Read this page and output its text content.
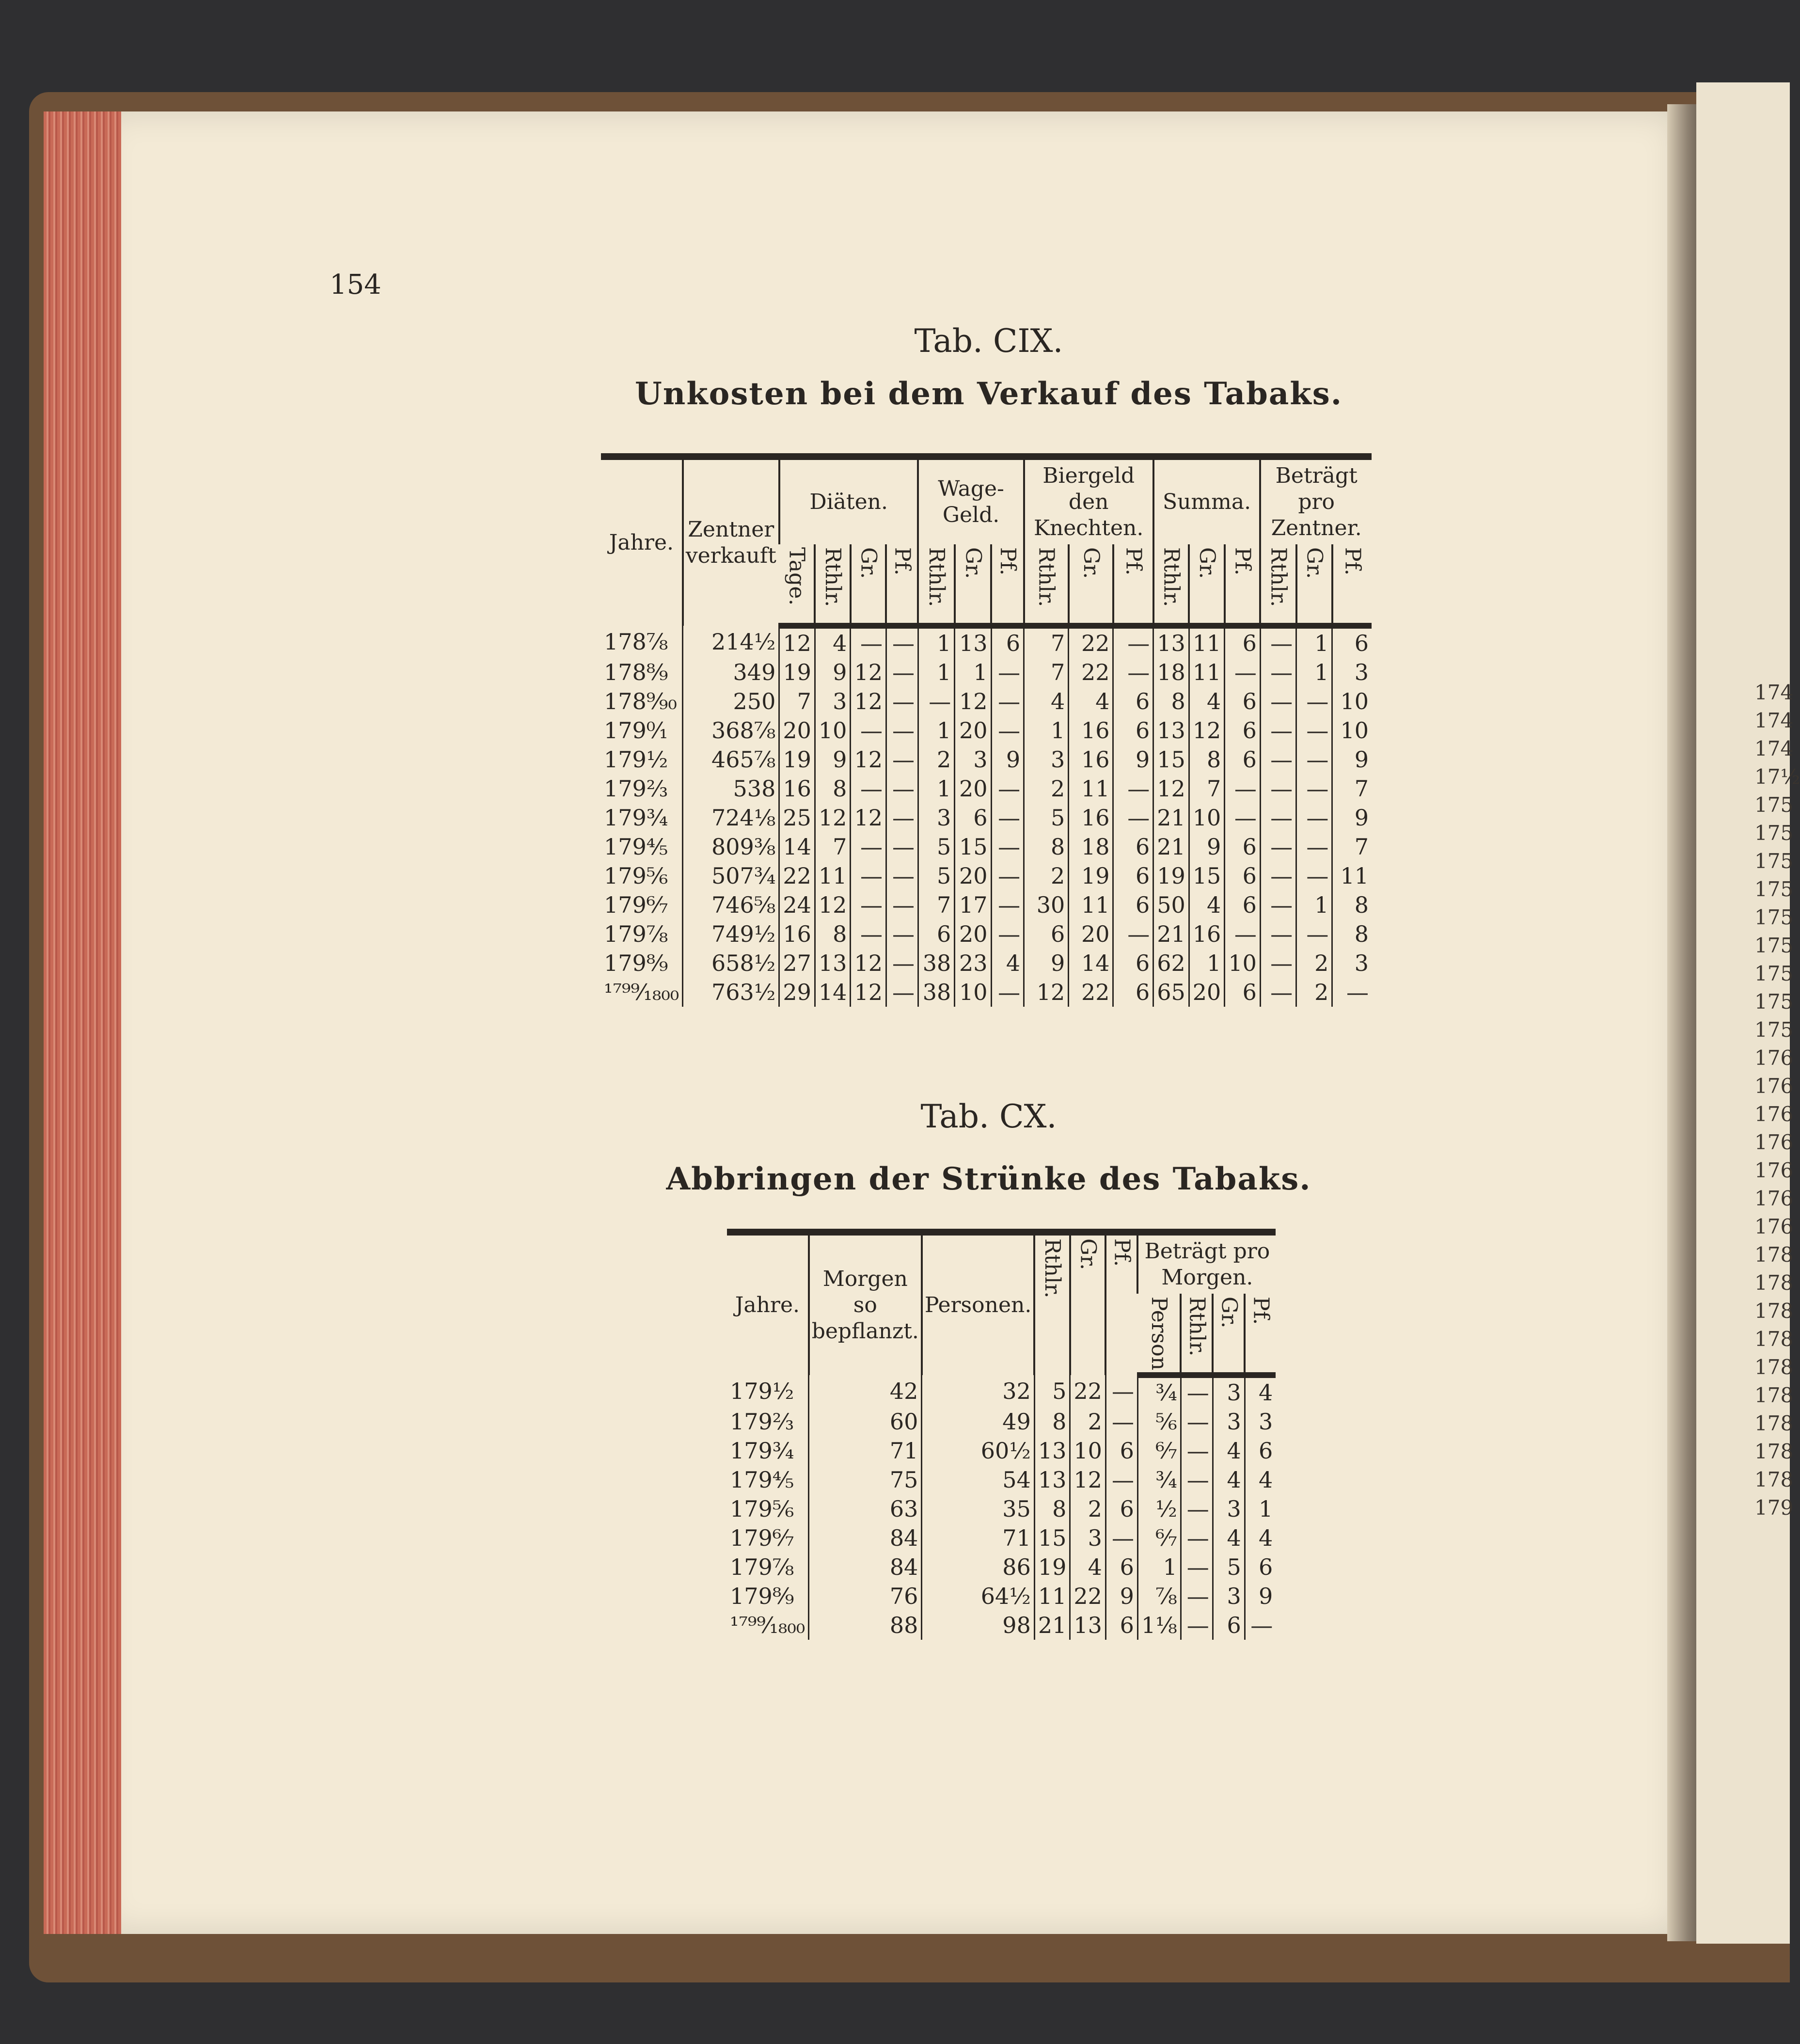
174
174
174
17½
175
175
175
175
175
175
175
175
175
176
176
176
176
176
176
176
178
178
178
178
178
178
178
178
178
179
154
Tab. CIX.
Unkosten bei dem Verkauf des Tabaks.
Jahre.	Zentner verkauft	Diäten.				Wage-Geld.			Biergeld den Knechten.			Summa.			Beträgt pro Zentner.		
		Tage.	Rthlr.	Gr.	Pf.	Rthlr.	Gr.	Pf.	Rthlr.	Gr.	Pf.	Rthlr.	Gr.	Pf.	Rthlr.	Gr.	Pf.
178⁷⁄₈	214½	12	4	—	—	1	13	6	7	22	—	13	11	6	—	1	6
178⁸⁄₉	349	19	9	12	—	1	1	—	7	22	—	18	11	—	—	1	3
178⁹⁄₉₀	250	7	3	12	—	—	12	—	4	4	6	8	4	6	—	—	10
179⁰⁄₁	368⁷⁄₈	20	10	—	—	1	20	—	1	16	6	13	12	6	—	—	10
179½	465⁷⁄₈	19	9	12	—	2	3	9	3	16	9	15	8	6	—	—	9
179⅔	538	16	8	—	—	1	20	—	2	11	—	12	7	—	—	—	7
179¾	724⅛	25	12	12	—	3	6	—	5	16	—	21	10	—	—	—	9
179⅘	809⅜	14	7	—	—	5	15	—	8	18	6	21	9	6	—	—	7
179⅚	507¾	22	11	—	—	5	20	—	2	19	6	19	15	6	—	—	11
179⁶⁄₇	746⅝	24	12	—	—	7	17	—	30	11	6	50	4	6	—	1	8
179⅞	749½	16	8	—	—	6	20	—	6	20	—	21	16	—	—	—	8
179⁸⁄₉	658½	27	13	12	—	38	23	4	9	14	6	62	1	10	—	2	3
¹⁷⁹⁹⁄₁₈₀₀	763½	29	14	12	—	38	10	—	12	22	6	65	20	6	—	2	—
Tab. CX.
Abbringen der Strünke des Tabaks.
Jahre.	Morgen so bepflanzt.	Personen.	Rthlr.	Gr.	Pf.	Beträgt pro Morgen.			
						Person.	Rthlr.	Gr.	Pf.
179½	42	32	5	22	—	¾	—	3	4
179⅔	60	49	8	2	—	⅚	—	3	3
179¾	71	60½	13	10	6	⁶⁄₇	—	4	6
179⅘	75	54	13	12	—	¾	—	4	4
179⅚	63	35	8	2	6	½	—	3	1
179⁶⁄₇	84	71	15	3	—	⁶⁄₇	—	4	4
179⅞	84	86	19	4	6	1	—	5	6
179⁸⁄₉	76	64½	11	22	9	⅞	—	3	9
¹⁷⁹⁹⁄₁₈₀₀	88	98	21	13	6	1⅛	—	6	—
